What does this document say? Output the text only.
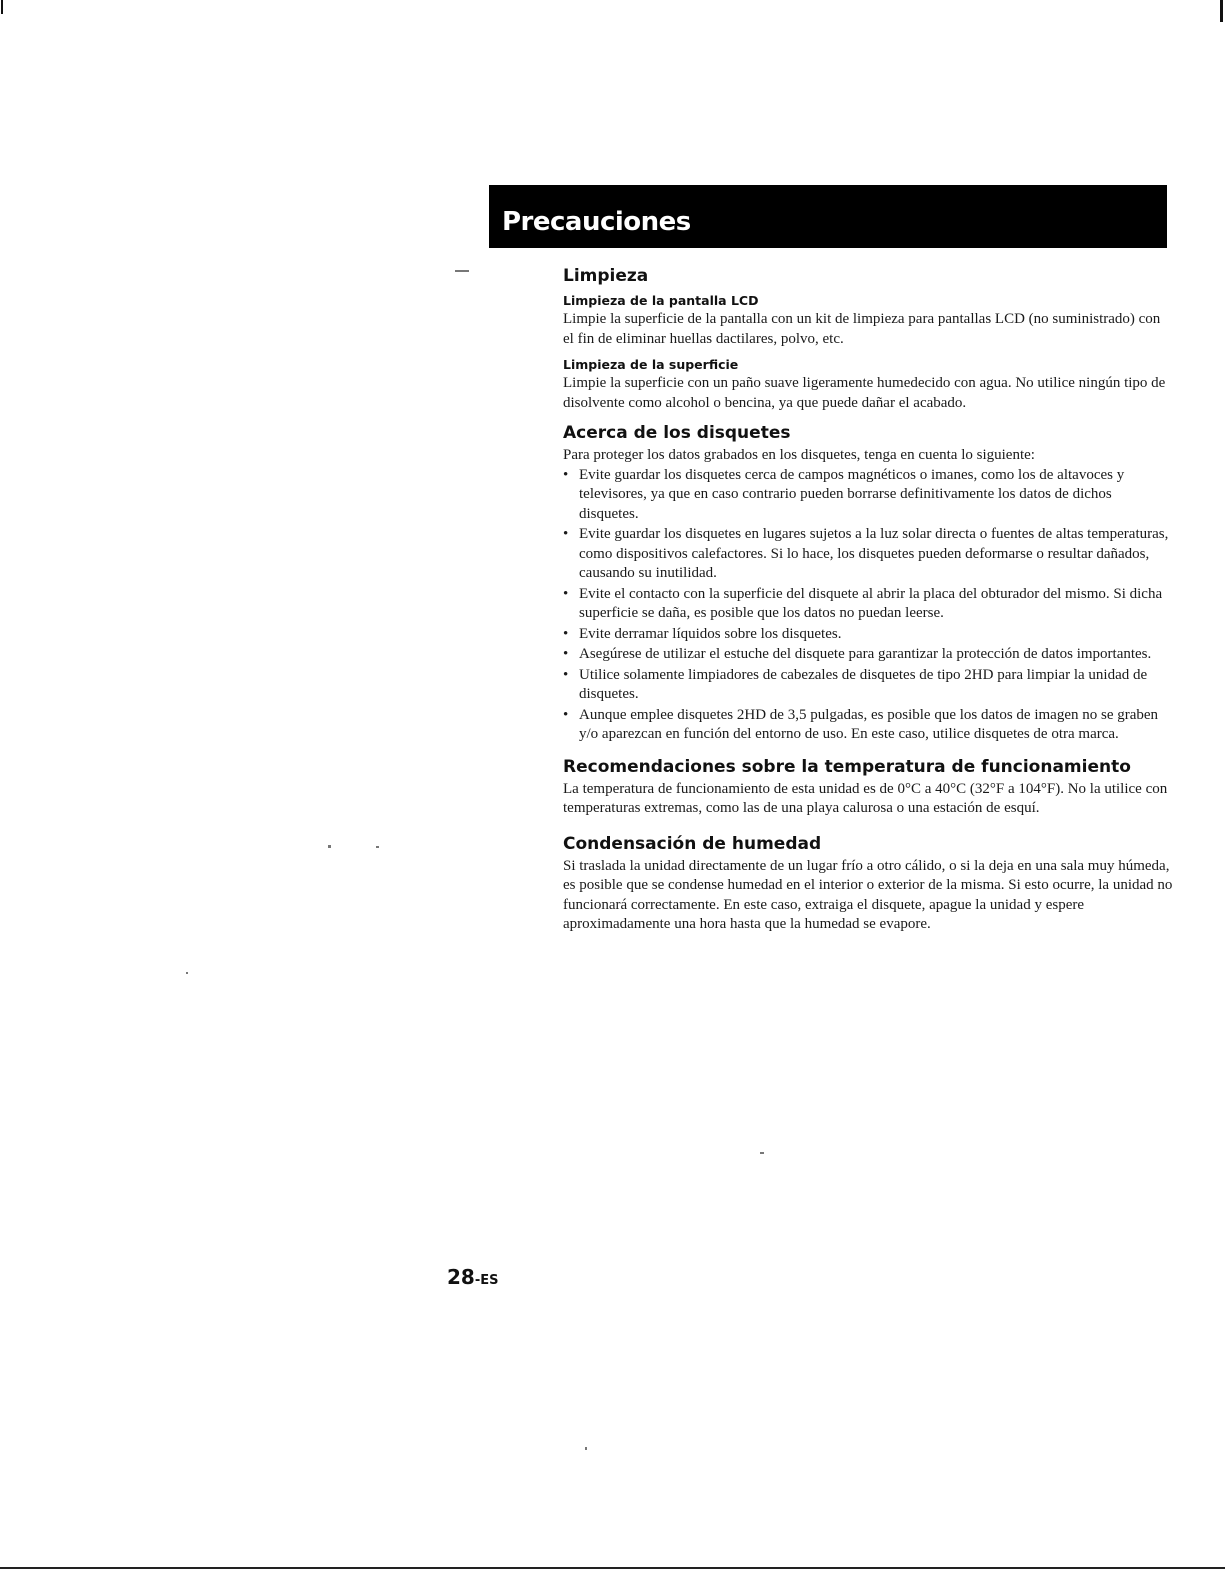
Precauciones
Limpieza
Limpieza de la pantalla LCD

Limpie la superficie de la pantalla con un kit de limpieza para pantallas LCD (no suministrado) con el fin de eliminar huellas dactilares, polvo, etc.

Limpieza de la superficie

Limpie la superficie con un paño suave ligeramente humedecido con agua. No utilice ningún tipo de disolvente como alcohol o bencina, ya que puede dañar el acabado.

Acerca de los disquetes

Para proteger los datos grabados en los disquetes, tenga en cuenta lo siguiente:

• Evite guardar los disquetes cerca de campos magnéticos o imanes, como los de altavoces y televisores, ya que en caso contrario pueden borrarse definitivamente los datos de dichos disquetes.
• Evite guardar los disquetes en lugares sujetos a la luz solar directa o fuentes de altas temperaturas, como dispositivos calefactores. Si lo hace, los disquetes pueden deformarse o resultar dañados, causando su inutilidad.
• Evite el contacto con la superficie del disquete al abrir la placa del obturador del mismo. Si dicha superficie se daña, es posible que los datos no puedan leerse.
• Evite derramar líquidos sobre los disquetes.
• Asegúrese de utilizar el estuche del disquete para garantizar la protección de datos importantes.
• Utilice solamente limpiadores de cabezales de disquetes de tipo 2HD para limpiar la unidad de disquetes.
• Aunque emplee disquetes 2HD de 3,5 pulgadas, es posible que los datos de imagen no se graben y/o aparezcan en función del entorno de uso. En este caso, utilice disquetes de otra marca.
Recomendaciones sobre la temperatura de funcionamiento

La temperatura de funcionamiento de esta unidad es de 0°C a 40°C (32°F a 104°F). No la utilice con temperaturas extremas, como las de una playa calurosa o una estación de esquí.

Condensación de humedad

Si traslada la unidad directamente de un lugar frío a otro cálido, o si la deja en una sala muy húmeda, es posible que se condense humedad en el interior o exterior de la misma. Si esto ocurre, la unidad no funcionará correctamente. En este caso, extraiga el disquete, apague la unidad y espere aproximadamente una hora hasta que la humedad se evapore.

28-ES
